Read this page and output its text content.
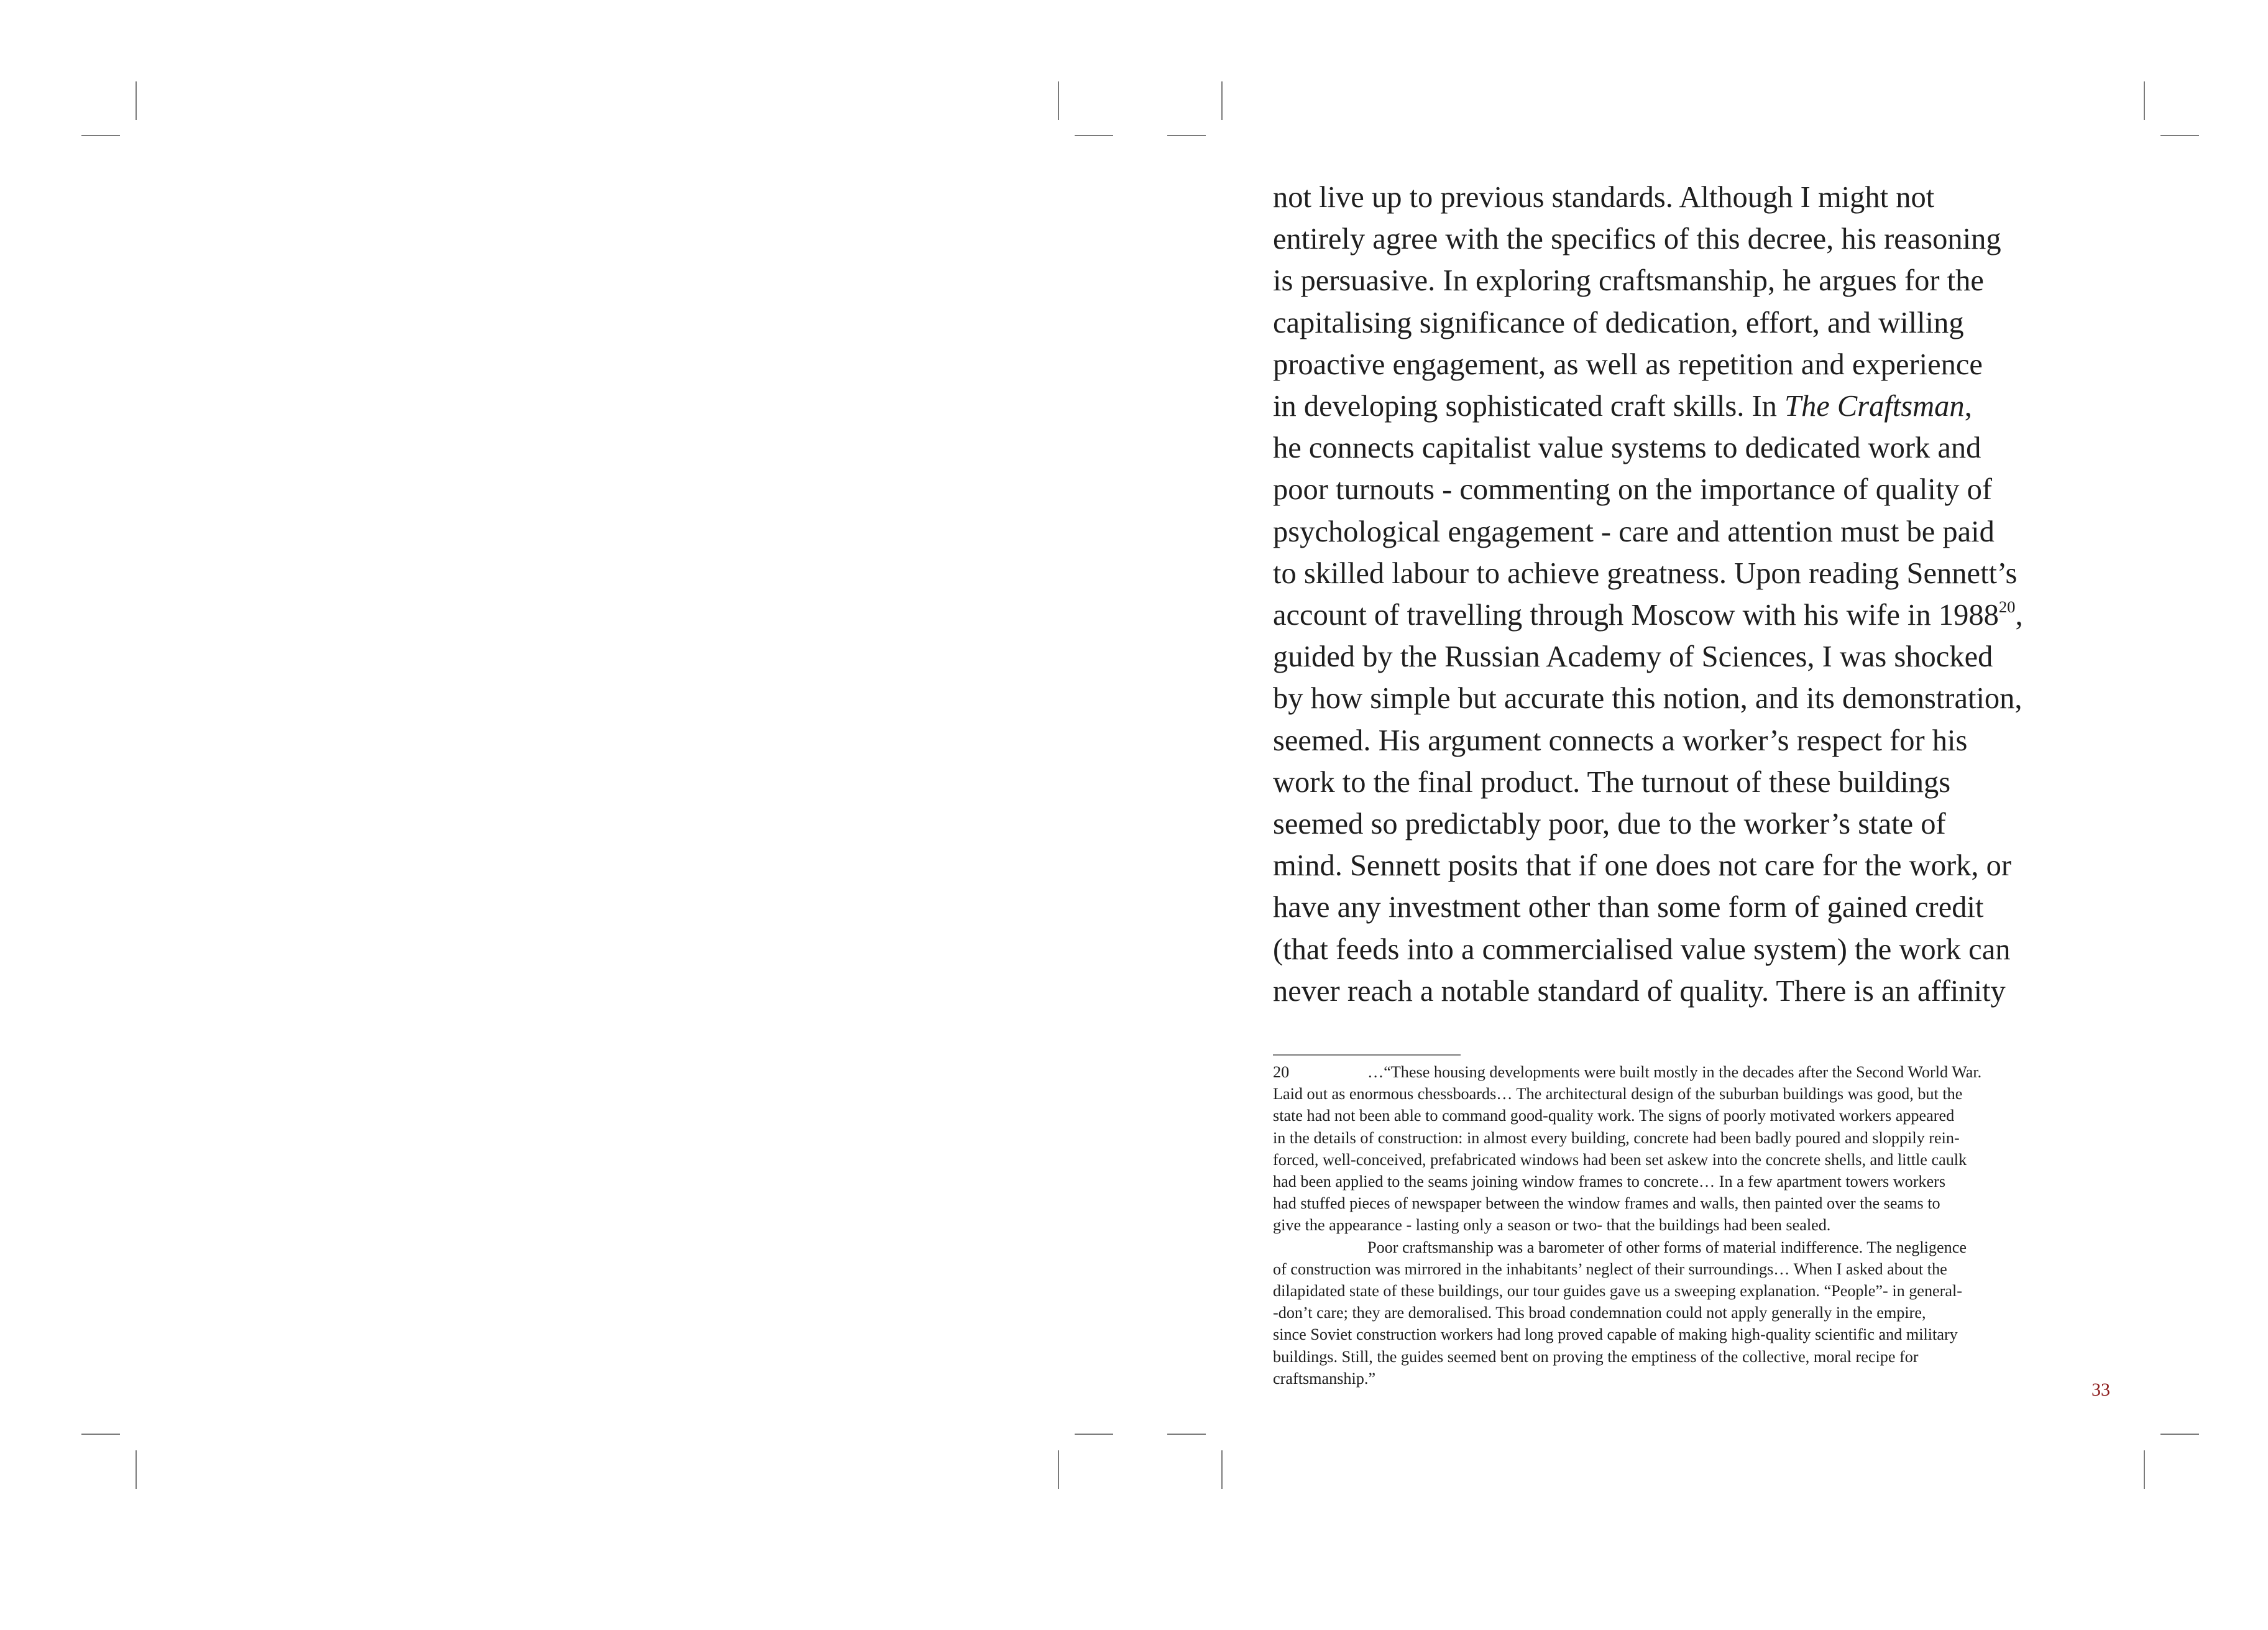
not live up to previous standards. Although I might not
entirely agree with the specifics of this decree, his reasoning
is persuasive. In exploring craftsmanship, he argues for the
capitalising significance of dedication, effort, and willing
proactive engagement, as well as repetition and experience
in developing sophisticated craft skills. In The Craftsman,
he connects capitalist value systems to dedicated work and
poor turnouts - commenting on the importance of quality of
psychological engagement - care and attention must be paid
to skilled labour to achieve greatness. Upon reading Sennett’s
account of travelling through Moscow with his wife in 1988$^{20}$,
guided by the Russian Academy of Sciences, I was shocked
by how simple but accurate this notion, and its demonstration,
seemed. His argument connects a worker’s respect for his
work to the final product. The turnout of these buildings
seemed so predictably poor, due to the worker’s state of
mind. Sennett posits that if one does not care for the work, or
have any investment other than some form of gained credit
(that feeds into a commercialised value system) the work can
never reach a notable standard of quality. There is an affinity
20	…“These housing developments were built mostly in the decades after the Second World War.
Laid out as enormous chessboards… The architectural design of the suburban buildings was good, but the
state had not been able to command good-quality work. The signs of poorly motivated workers appeared
in the details of construction: in almost every building, concrete had been badly poured and sloppily rein-
forced, well-conceived, prefabricated windows had been set askew into the concrete shells, and little caulk
had been applied to the seams joining window frames to concrete… In a few apartment towers workers
had stuffed pieces of newspaper between the window frames and walls, then painted over the seams to
give the appearance - lasting only a season or two- that the buildings had been sealed.
Poor craftsmanship was a barometer of other forms of material indifference. The negligence
of construction was mirrored in the inhabitants’ neglect of their surroundings… When I asked about the
dilapidated state of these buildings, our tour guides gave us a sweeping explanation. “People”- in general-
-don’t care; they are demoralised. This broad condemnation could not apply generally in the empire,
since Soviet construction workers had long proved capable of making high-quality scientific and military
buildings. Still, the guides seemed bent on proving the emptiness of the collective, moral recipe for
craftsmanship.”
33
